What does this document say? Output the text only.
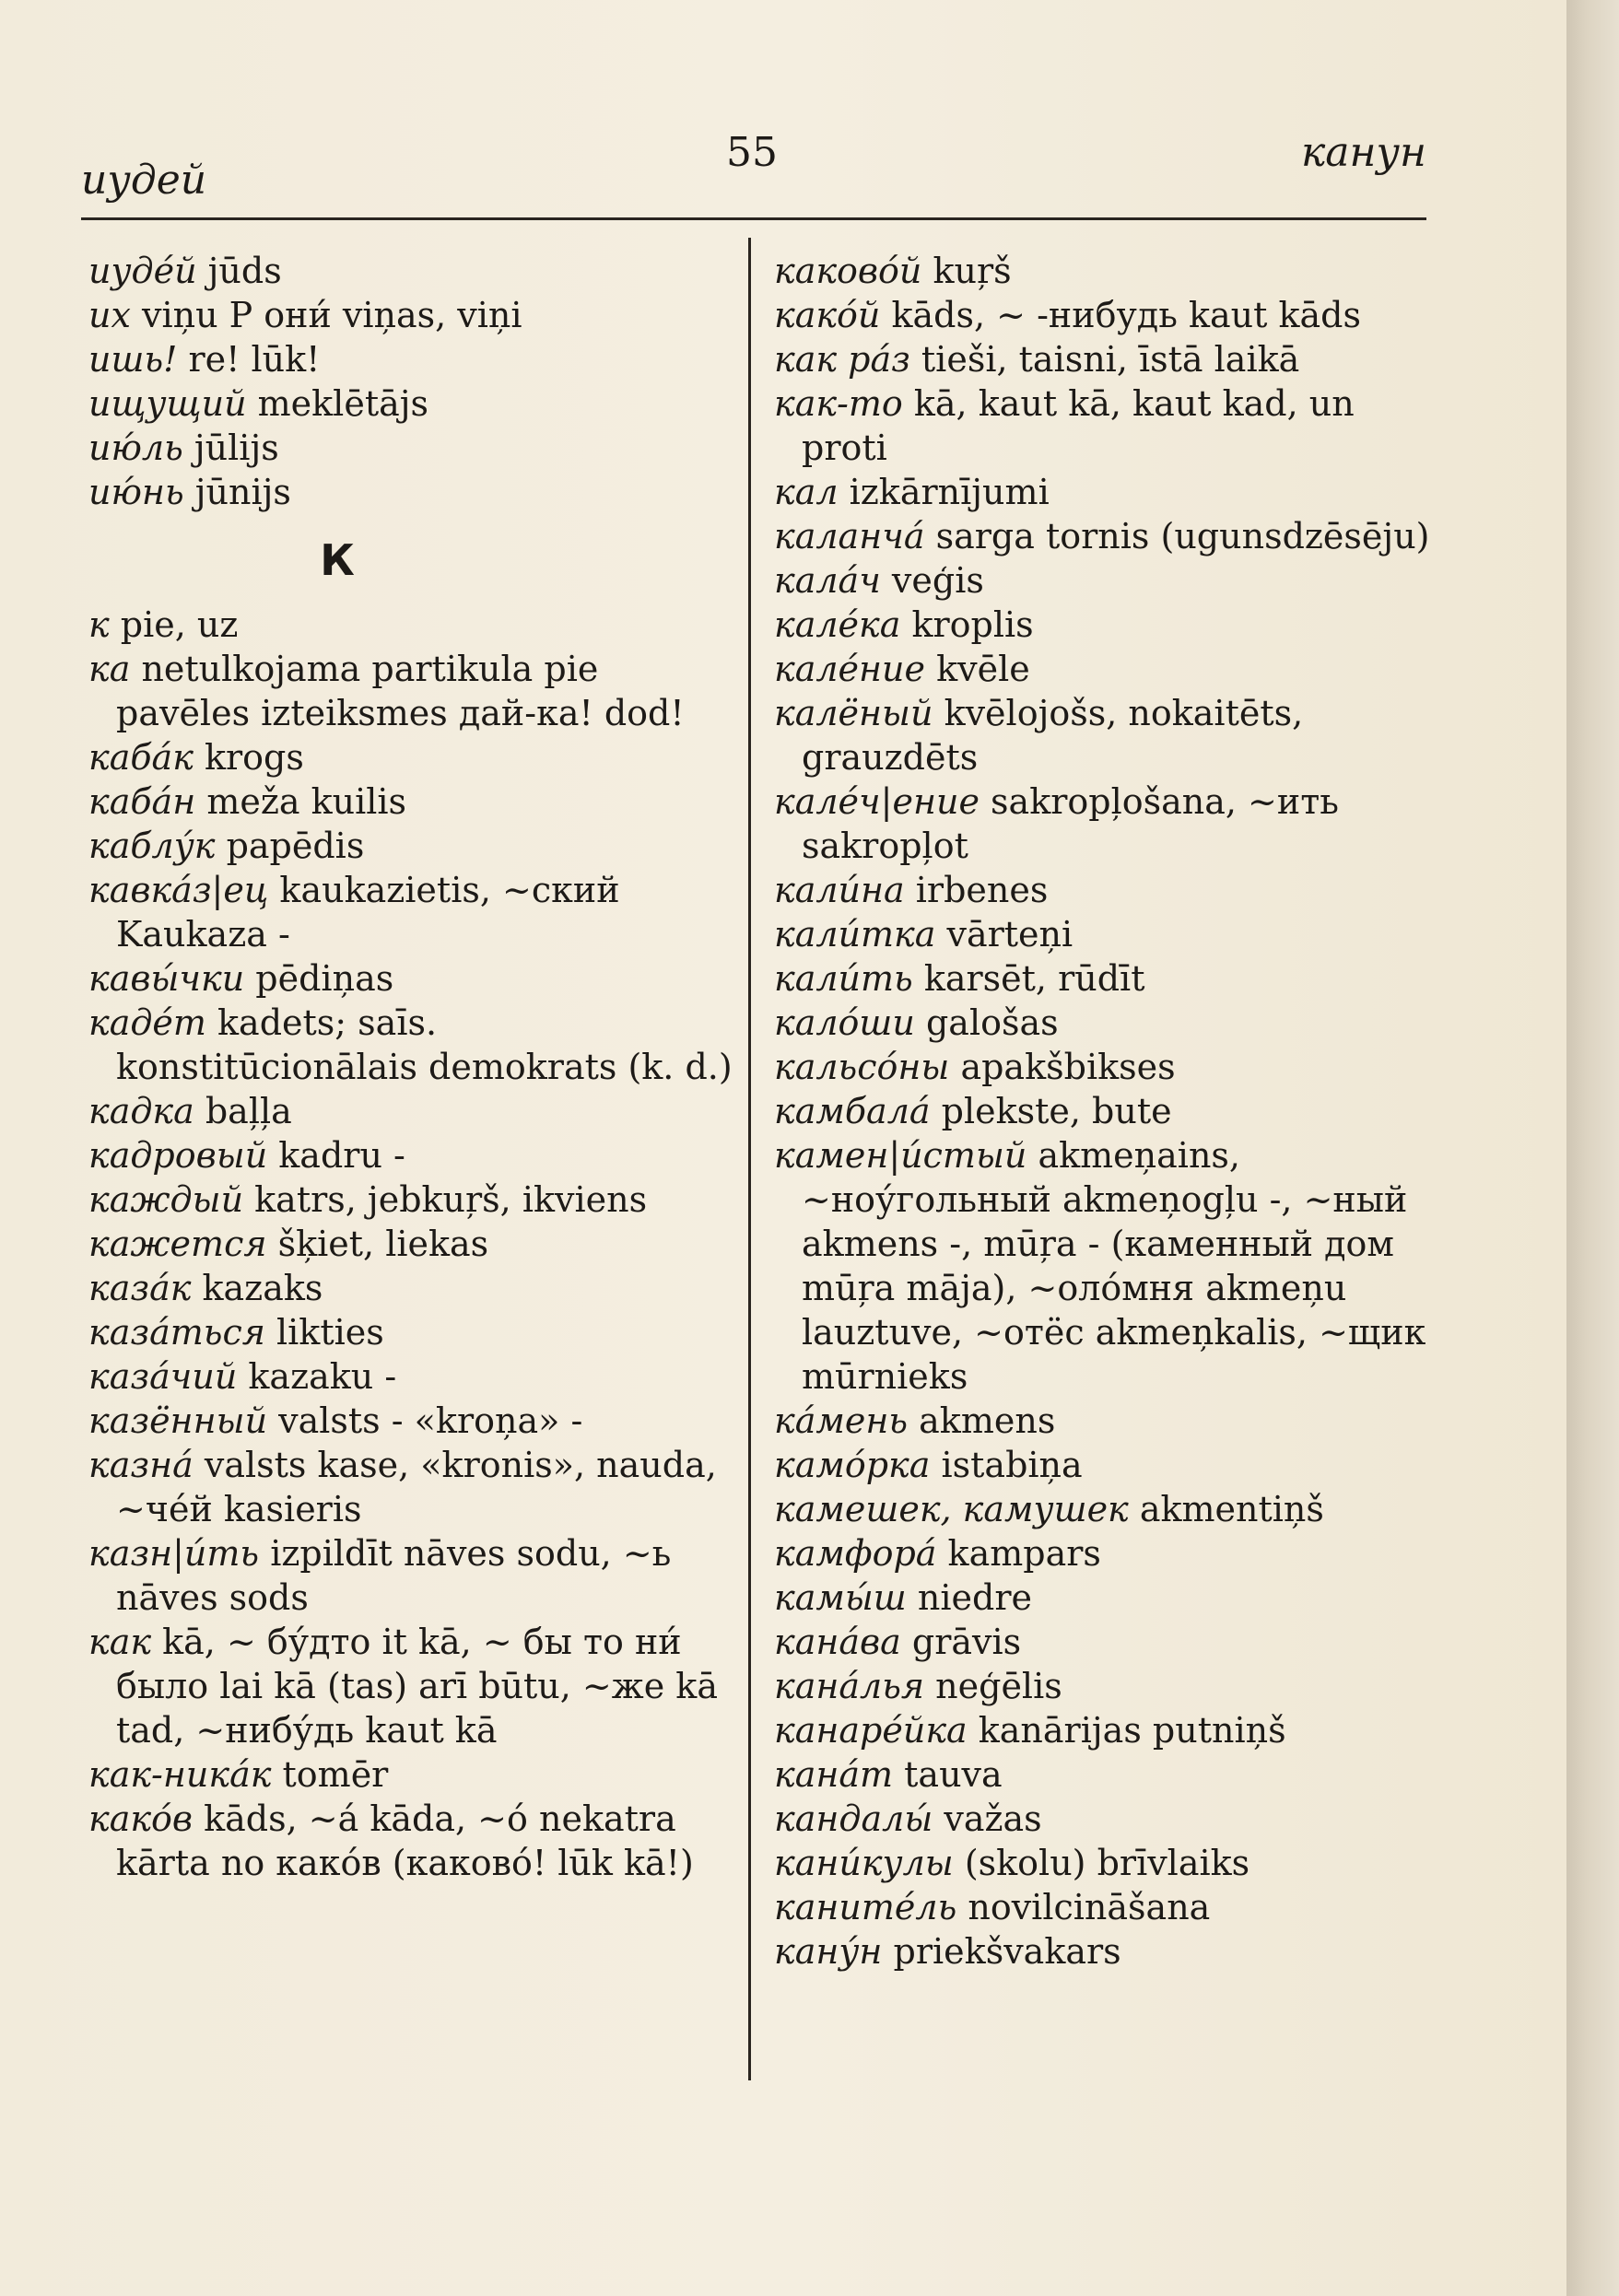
иудей
55	канун

иудéй jūds

их viņu P они́ viņas, viņi

ишь! re! lūk!

ищущий meklētājs

ию́ль jūlijs

ию́нь jūnijs

К

к pie, uz

ка netulkojama partikula pie pavēles izteiksmes дай-ка! dod!

кабáк krogs

кабáн meža kuilis

каблу́к papēdis

кавкáз|ец kaukazietis, ~ский Kaukaza -

кавы́чки pēdiņas

кадéт kadets; saīs. konstitūcionālais demokrats (k. d.)

кадка baļļa

кадровый kadru -

каждый katrs, jebkuŗš, ikviens

кажется šķiet, liekas

казáк kazaks

казáться likties

казáчий kazaku -

казённый valsts - «kroņa» -

казнá valsts kase, «kronis», nauda, ~чéй kasieris

казн|и́ть izpildīt nāves sodu, ~ь nāves sods

как kā, ~ бу́дто it kā, ~ бы то ни́ было lai kā (tas) arī būtu, ~же kā tad, ~нибу́дь kaut kā

как-никáк tomēr

какóв kāds, ~á kāda, ~ó nekatra kārta no какóв (каковó! lūk kā!)

каковóй kuŗš

какóй kāds, ~ -нибудь kaut kāds

как рáз tieši, taisni, īstā laikā

как-то kā, kaut kā, kaut kad, un proti

кал izkārnījumi

каланчá sarga tornis (ugunsdzēsēju)

калáч veģis

калéка kroplis

калéние kvēle

калёный kvēlojošs, nokaitēts, grauzdēts

калéч|ение sakropļošana, ~ить sakropļot

кали́на irbenes

кали́тка vārteņi

кали́ть karsēt, rūdīt

калóши galošas

кальсóны apakšbikses

камбалá plekste, bute

камен|и́стый akmeņains, ~ноу́гольный akmeņogļu -, ~ный akmens -, mūŗa - (каменный дом mūŗa māja), ~олóмня akmeņu lauztuve, ~отёс akmeņkalis, ~щик mūrnieks

кáмень akmens

камóрка istabiņa

камешек, камушек akmentiņš

камфорá kampars

камы́ш niedre

канáва grāvis

канáлья neģēlis

канарéйка kanārijas putniņš

канáт tauva

кандалы́ važas

кани́кулы (skolu) brīvlaiks

канитéль novilcināšana

кану́н priekšvakars
